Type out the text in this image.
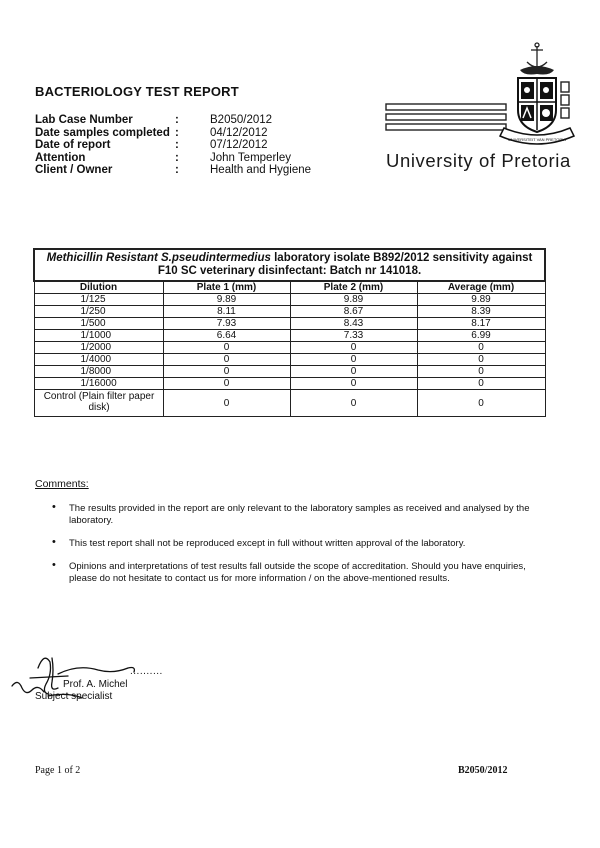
BACTERIOLOGY TEST REPORT
Lab Case Number	:	B2050/2012
Date samples completed :	04/12/2012
Date of report	:	07/12/2012
Attention	:	John Temperley
Client / Owner	:	Health and Hygiene
UNIVERSITEIT VAN PRETORIA
University of Pretoria
Methicillin Resistant S.pseudintermedius laboratory isolate B892/2012 sensitivity against F10 SC veterinary disinfectant: Batch nr 141018.			
Dilution	Plate 1 (mm)	Plate 2 (mm)	Average (mm)
1/125	9.89	9.89	9.89
1/250	8.11	8.67	8.39
1/500	7.93	8.43	8.17
1/1000	6.64	7.33	6.99
1/2000	0	0	0
1/4000	0	0	0
1/8000	0	0	0
1/16000	0	0	0
Control (Plain filter paper disk)	0	0	0
Comments:
• The results provided in the report are only relevant to the laboratory samples as received and analysed by the laboratory.
• This test report shall not be reproduced except in full without written approval of the laboratory.
• Opinions and interpretations of test results fall outside the scope of accreditation. Should you have enquiries, please do not hesitate to contact us for more information / on the above-mentioned results.
..........
Prof. A. Michel
Subject specialist
Page 1 of 2	B2050/2012
